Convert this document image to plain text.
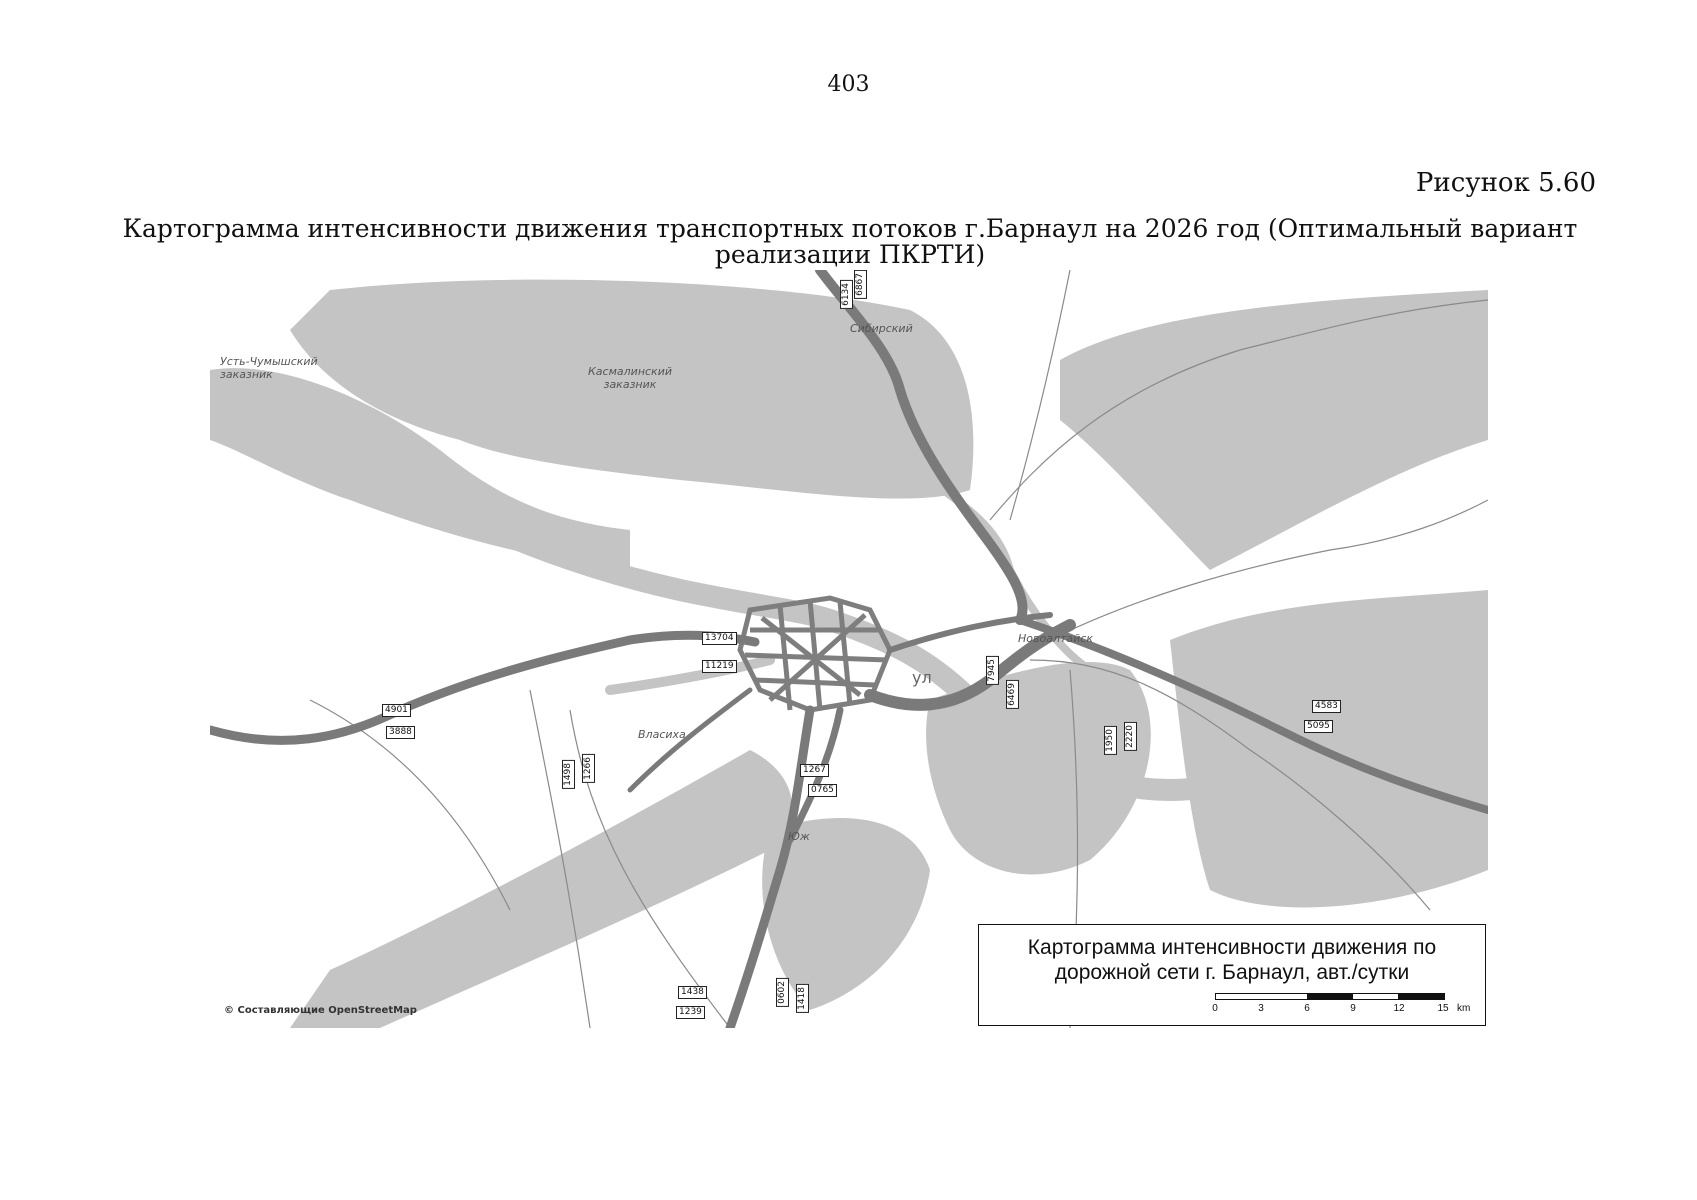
403
Рисунок 5.60
Картограмма интенсивности движения транспортных потоков г.Барнаул на 2026 год (Оптимальный вариант реализации ПКРТИ)
Сибирский
Касмалинский заказник
Усть-Чумышский заказник
Новоалтайск
ул
Власиха
Юж
6867
6134
13704
11219
4901
3888
1498 1266	1267
0765
7945
6469
1950 2220
4583
5095
1438
1239
0602 1418
© Составляющие OpenStreetMap
Картограмма интенсивности движения по
дорожной сети г. Барнаул, авт./сутки
0	3	6	9	12	15 km
